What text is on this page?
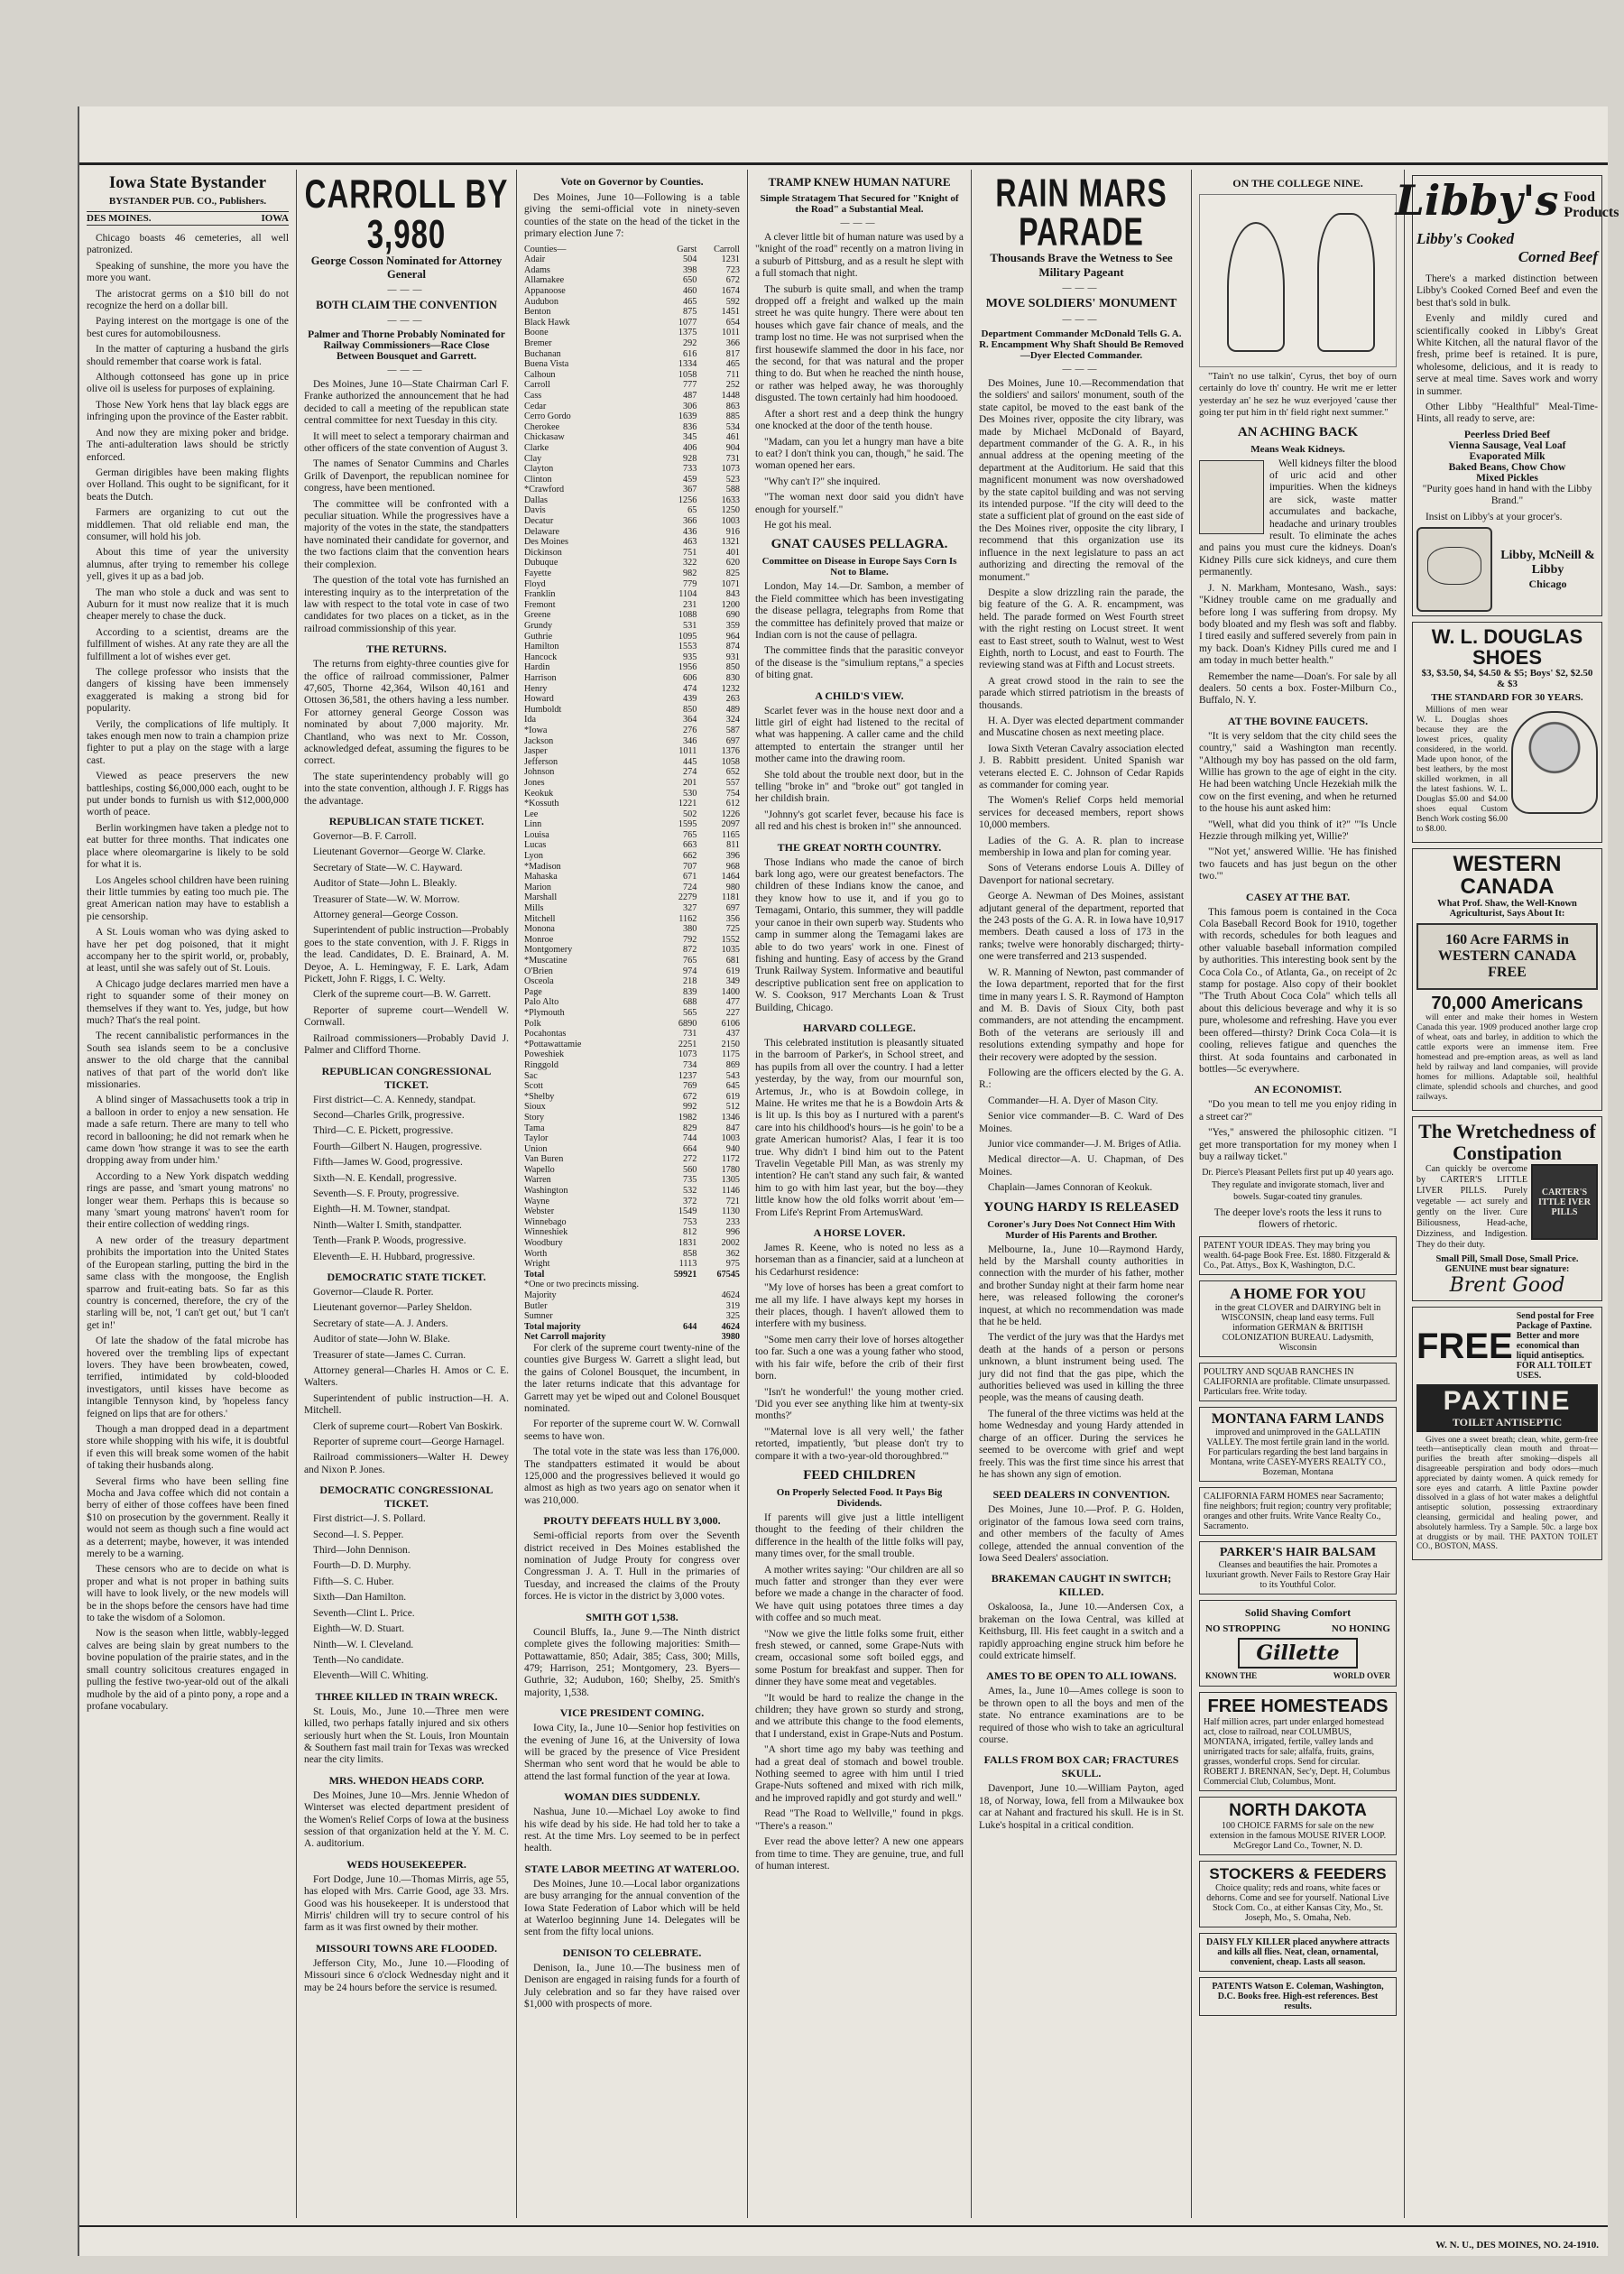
Iowa State Bystander
BYSTANDER PUB. CO., Publishers.
DES MOINES.	IOWA

Chicago boasts 46 cemeteries, all well patronized.

Speaking of sunshine, the more you have the more you want.

The aristocrat germs on a $10 bill do not recognize the herd on a dollar bill.

Paying interest on the mortgage is one of the best cures for automobilousness.

In the matter of capturing a husband the girls should remember that coarse work is fatal.

Although cottonseed has gone up in price olive oil is useless for purposes of explaining.

Those New York hens that lay black eggs are infringing upon the province of the Easter rabbit.

And now they are mixing poker and bridge. The anti-adulteration laws should be strictly enforced.

German dirigibles have been making flights over Holland. This ought to be significant, for it beats the Dutch.

Farmers are organizing to cut out the middlemen. That old reliable end man, the consumer, will hold his job.

About this time of year the university alumnus, after trying to remember his college yell, gives it up as a bad job.

The man who stole a duck and was sent to Auburn for it must now realize that it is much cheaper merely to chase the duck.

According to a scientist, dreams are the fulfillment of wishes. At any rate they are all the fulfillment a lot of wishes ever get.

The college professor who insists that the dangers of kissing have been immensely exaggerated is making a strong bid for popularity.

Verily, the complications of life multiply. It takes enough men now to train a champion prize fighter to put a play on the stage with a large cast.

Viewed as peace preservers the new battleships, costing $6,000,000 each, ought to be put under bonds to furnish us with $12,000,000 worth of peace.

Berlin workingmen have taken a pledge not to eat butter for three months. That indicates one place where oleomargarine is likely to be sold for what it is.

Los Angeles school children have been ruining their little tummies by eating too much pie. The great American nation may have to establish a pie censorship.

A St. Louis woman who was dying asked to have her pet dog poisoned, that it might accompany her to the spirit world, or, probably, at least, until she was safely out of St. Louis.

A Chicago judge declares married men have a right to squander some of their money on themselves if they want to. Yes, judge, but how much? That's the real point.

The recent cannibalistic performances in the South sea islands seem to be a conclusive answer to the old charge that the cannibal natives of that part of the world don't like missionaries.

A blind singer of Massachusetts took a trip in a balloon in order to enjoy a new sensation. He made a safe return. There are many to tell who record in ballooning; he did not remark when he came down 'how strange it was to see the earth dropping away from under him.'

According to a New York dispatch wedding rings are passe, and 'smart young matrons' no longer wear them. Perhaps this is because so many 'smart young matrons' haven't room for their entire collection of wedding rings.

A new order of the treasury department prohibits the importation into the United States of the European starling, putting the bird in the same class with the mongoose, the English sparrow and fruit-eating bats. So far as this country is concerned, therefore, the cry of the starling will be, not, 'I can't get out,' but 'I can't get in!'

Of late the shadow of the fatal microbe has hovered over the trembling lips of expectant lovers. They have been browbeaten, cowed, terrified, intimidated by cold-blooded investigators, until kisses have become as intangible Tennyson kind, by 'hopeless fancy feigned on lips that are for others.'

Though a man dropped dead in a department store while shopping with his wife, it is doubtful if even this will break some women of the habit of taking their husbands along.

Several firms who have been selling fine Mocha and Java coffee which did not contain a berry of either of those coffees have been fined $10 on prosecution by the government. Really it would not seem as though such a fine would act as a deterrent; maybe, however, it was intended merely to be a warning.

These censors who are to decide on what is proper and what is not proper in bathing suits will have to look lively, or the new models will be in the shops before the censors have had time to take the wisdom of a Solomon.

Now is the season when little, wabbly-legged calves are being slain by great numbers to the bovine population of the prairie states, and in the small country solicitous creatures engaged in pulling the festive two-year-old out of the alkali mudhole by the aid of a pinto pony, a rope and a profane vocabulary.

CARROLL BY 3,980
George Cosson Nominated for Attorney General
———
BOTH CLAIM THE CONVENTION
———
Palmer and Thorne Probably Nominated for Railway Commissioners—Race Close Between Bousquet and Garrett.
———

Des Moines, June 10—State Chairman Carl F. Franke authorized the announcement that he had decided to call a meeting of the republican state central committee for next Tuesday in this city.

It will meet to select a temporary chairman and other officers of the state convention of August 3.

The names of Senator Cummins and Charles Grilk of Davenport, the republican nominee for congress, have been mentioned.

The committee will be confronted with a peculiar situation. While the progressives have a majority of the votes in the state, the standpatters have nominated their candidate for governor, and the two factions claim that the convention hears their complexion.

The question of the total vote has furnished an interesting inquiry as to the interpretation of the law with respect to the total vote in case of two candidates for two places on a ticket, as in the railroad commissionship of this year.

THE RETURNS.

The returns from eighty-three counties give for the office of railroad commissioner, Palmer 47,605, Thorne 42,364, Wilson 40,161 and Ottosen 36,581, the others having a less number. For attorney general George Cosson was nominated by about 7,000 majority. Mr. Chantland, who was next to Mr. Cosson, acknowledged defeat, assuming the figures to be correct.

The state superintendency probably will go into the state convention, although J. F. Riggs has the advantage.

REPUBLICAN STATE TICKET.

Governor—B. F. Carroll.

Lieutenant Governor—George W. Clarke.

Secretary of State—W. C. Hayward.

Auditor of State—John L. Bleakly.

Treasurer of State—W. W. Morrow.

Attorney general—George Cosson.

Superintendent of public instruction—Probably goes to the state convention, with J. F. Riggs in the lead. Candidates, D. E. Brainard, A. M. Deyoe, A. L. Hemingway, F. E. Lark, Adam Pickett, John F. Riggs, I. C. Welty.

Clerk of the supreme court—B. W. Garrett.

Reporter of supreme court—Wendell W. Cornwall.

Railroad commissioners—Probably David J. Palmer and Clifford Thorne.

REPUBLICAN CONGRESSIONAL TICKET.

First district—C. A. Kennedy, standpat.

Second—Charles Grilk, progressive.

Third—C. E. Pickett, progressive.

Fourth—Gilbert N. Haugen, progressive.

Fifth—James W. Good, progressive.

Sixth—N. E. Kendall, progressive.

Seventh—S. F. Prouty, progressive.

Eighth—H. M. Towner, standpat.

Ninth—Walter I. Smith, standpatter.

Tenth—Frank P. Woods, progressive.

Eleventh—E. H. Hubbard, progressive.

DEMOCRATIC STATE TICKET.

Governor—Claude R. Porter.

Lieutenant governor—Parley Sheldon.

Secretary of state—A. J. Anders.

Auditor of state—John W. Blake.

Treasurer of state—James C. Curran.

Attorney general—Charles H. Amos or C. E. Walters.

Superintendent of public instruction—H. A. Mitchell.

Clerk of supreme court—Robert Van Boskirk.

Reporter of supreme court—George Harnagel.

Railroad commissioners—Walter H. Dewey and Nixon P. Jones.

DEMOCRATIC CONGRESSIONAL TICKET.

First district—J. S. Pollard.

Second—I. S. Pepper.

Third—John Dennison.

Fourth—D. D. Murphy.

Fifth—S. C. Huber.

Sixth—Dan Hamilton.

Seventh—Clint L. Price.

Eighth—W. D. Stuart.

Ninth—W. I. Cleveland.

Tenth—No candidate.

Eleventh—Will C. Whiting.

THREE KILLED IN TRAIN WRECK.

St. Louis, Mo., June 10.—Three men were killed, two perhaps fatally injured and six others seriously hurt when the St. Louis, Iron Mountain & Southern fast mail train for Texas was wrecked near the city limits.

MRS. WHEDON HEADS CORP.

Des Moines, June 10—Mrs. Jennie Whedon of Winterset was elected department president of the Women's Relief Corps of Iowa at the business session of that organization held at the Y. M. C. A. auditorium.

WEDS HOUSEKEEPER.

Fort Dodge, June 10.—Thomas Mirris, age 55, has eloped with Mrs. Carrie Good, age 33. Mrs. Good was his housekeeper. It is understood that Mirris' children will try to secure control of his farm as it was first owned by their mother.

MISSOURI TOWNS ARE FLOODED.

Jefferson City, Mo., June 10.—Flooding of Missouri since 6 o'clock Wednesday night and it may be 24 hours before the service is resumed.

Vote on Governor by Counties.

Des Moines, June 10—Following is a table giving the semi-official vote in ninety-seven counties of the state on the head of the ticket in the primary election June 7:

Counties—	Garst	Carroll
Adair	504	1231
Adams	398	723
Allamakee	650	672
Appanoose	460	1674
Audubon	465	592
Benton	875	1451
Black Hawk	1077	654
Boone	1375	1011
Bremer	292	366
Buchanan	616	817
Buena Vista	1334	465
Calhoun	1058	711
Carroll	777	252
Cass	487	1448
Cedar	306	863
Cerro Gordo	1639	885
Cherokee	836	534
Chickasaw	345	461
Clarke	406	904
Clay	928	731
Clayton	733	1073
Clinton	459	523
*Crawford	367	588
Dallas	1256	1633
Davis	65	1250
Decatur	366	1003
Delaware	436	916
Des Moines	463	1321
Dickinson	751	401
Dubuque	322	620
Fayette	982	825
Floyd	779	1071
Franklin	1104	843
Fremont	231	1200
Greene	1088	690
Grundy	531	359
Guthrie	1095	964
Hamilton	1553	874
Hancock	935	931
Hardin	1956	850
Harrison	606	830
Henry	474	1232
Howard	439	263
Humboldt	850	489
Ida	364	324
*Iowa	276	587
Jackson	346	697
Jasper	1011	1376
Jefferson	445	1058
Johnson	274	652
Jones	201	557
Keokuk	530	754
*Kossuth	1221	612
Lee	502	1226
Linn	1595	2097
Louisa	765	1165
Lucas	663	811
Lyon	662	396
*Madison	707	968
Mahaska	671	1464
Marion	724	980
Marshall	2279	1181
Mills	327	697
Mitchell	1162	356
Monona	380	725
Monroe	792	1552
Montgomery	872	1035
*Muscatine	765	681
O'Brien	974	619
Osceola	218	349
Page	839	1400
Palo Alto	688	477
*Plymouth	565	227
Polk	6890	6106
Pocahontas	731	437
*Pottawattamie	2251	2150
Poweshiek	1073	1175
Ringgold	734	869
Sac	1237	543
Scott	769	645
*Shelby	672	619
Sioux	992	512
Story	1982	1346
Tama	829	847
Taylor	744	1003
Union	664	940
Van Buren	272	1172
Wapello	560	1780
Warren	735	1305
Washington	532	1146
Wayne	372	721
Webster	1549	1130
Winnebago	753	233
Winneshiek	812	996
Woodbury	1831	2002
Worth	858	362
Wright	1113	975
Total	59921	67545
*One or two precincts missing.		
Majority		4624
Butler		319
Sumner		325
Total majority	644	4624
Net Carroll majority		3980

For clerk of the supreme court twenty-nine of the counties give Burgess W. Garrett a slight lead, but the gains of Colonel Bousquet, the incumbent, in the later returns indicate that this advantage for Garrett may yet be wiped out and Colonel Bousquet nominated.

For reporter of the supreme court W. W. Cornwall seems to have won.

The total vote in the state was less than 176,000. The standpatters estimated it would be about 125,000 and the progressives believed it would go almost as high as two years ago on senator when it was 210,000.

PROUTY DEFEATS HULL BY 3,000.

Semi-official reports from over the Seventh district received in Des Moines established the nomination of Judge Prouty for congress over Congressman J. A. T. Hull in the primaries of Tuesday, and increased the claims of the Prouty forces. He is victor in the district by 3,000 votes.

SMITH GOT 1,538.

Council Bluffs, Ia., June 9.—The Ninth district complete gives the following majorities: Smith—Pottawattamie, 850; Adair, 385; Cass, 300; Mills, 479; Harrison, 251; Montgomery, 23. Byers—Guthrie, 32; Audubon, 160; Shelby, 25. Smith's majority, 1,538.

VICE PRESIDENT COMING.

Iowa City, Ia., June 10—Senior hop festivities on the evening of June 16, at the University of Iowa will be graced by the presence of Vice President Sherman who sent word that he would be able to attend the last formal function of the year at Iowa.

WOMAN DIES SUDDENLY.

Nashua, June 10.—Michael Loy awoke to find his wife dead by his side. He had told her to take a rest. At the time Mrs. Loy seemed to be in perfect health.

STATE LABOR MEETING AT WATERLOO.

Des Moines, June 10.—Local labor organizations are busy arranging for the annual convention of the Iowa State Federation of Labor which will be held at Waterloo beginning June 14. Delegates will be sent from the fifty local unions.

DENISON TO CELEBRATE.

Denison, Ia., June 10.—The business men of Denison are engaged in raising funds for a fourth of July celebration and so far they have raised over $1,000 with prospects of more.

TRAMP KNEW HUMAN NATURE
Simple Stratagem That Secured for "Knight of the Road" a Substantial Meal.
———

A clever little bit of human nature was used by a "knight of the road" recently on a matron living in a suburb of Pittsburg, and as a result he slept with a full stomach that night.

The suburb is quite small, and when the tramp dropped off a freight and walked up the main street he was quite hungry. There were about ten houses which gave fair chance of meals, and the tramp lost no time. He was not surprised when the first housewife slammed the door in his face, nor the second, for that was natural and the proper thing to do. But when he reached the ninth house, or rather was helped away, he was thoroughly disgusted. The town certainly had him hoodooed.

After a short rest and a deep think the hungry one knocked at the door of the tenth house.

"Madam, can you let a hungry man have a bite to eat? I don't think you can, though," he said. The woman opened her ears.

"Why can't I?" she inquired.

"The woman next door said you didn't have enough for yourself."

He got his meal.

GNAT CAUSES PELLAGRA.
Committee on Disease in Europe Says Corn Is Not to Blame.

London, May 14.—Dr. Sambon, a member of the Field committee which has been investigating the disease pellagra, telegraphs from Rome that the committee has definitely proved that maize or Indian corn is not the cause of pellagra.

The committee finds that the parasitic conveyor of the disease is the "simulium reptans," a species of biting gnat.

A CHILD'S VIEW.

Scarlet fever was in the house next door and a little girl of eight had listened to the recital of what was happening. A caller came and the child attempted to entertain the stranger until her mother came into the drawing room.

She told about the trouble next door, but in the telling "broke in" and "broke out" got tangled in her childish brain.

"Johnny's got scarlet fever, because his face is all red and his chest is broken in!" she announced.

THE GREAT NORTH COUNTRY.

Those Indians who made the canoe of birch bark long ago, were our greatest benefactors. The children of these Indians know the canoe, and they know how to use it, and if you go to Temagami, Ontario, this summer, they will paddle your canoe in their own superb way. Students who camp in summer along the Temagami lakes are able to do two years' work in one. Finest of fishing and hunting. Easy of access by the Grand Trunk Railway System. Informative and beautiful descriptive publication sent free on application to W. S. Cookson, 917 Merchants Loan & Trust Building, Chicago.

HARVARD COLLEGE.

This celebrated institution is pleasantly situated in the barroom of Parker's, in School street, and has pupils from all over the country. I had a letter yesterday, by the way, from our mournful son, Artemus, Jr., who is at Bowdoin college, in Maine. He writes me that he is a Bowdoin Arts & is lit up. Is this boy as I nurtured with a parent's care into his childhood's hours—is he goin' to be a grate American humorist? Alas, I fear it is too true. Why didn't I bind him out to the Patent Travelin Vegetable Pill Man, as was strenly my intention? He can't stand any such fair, & wanted him to go with him last year, but the boy—they little know how the old folks worrit about 'em—From Life's Reprint From ArtemusWard.

A HORSE LOVER.

James R. Keene, who is noted no less as a horseman than as a financier, said at a luncheon at his Cedarhurst residence:

"My love of horses has been a great comfort to me all my life. I have always kept my horses in their places, though. I haven't allowed them to interfere with my business.

"Some men carry their love of horses altogether too far. Such a one was a young father who stood, with his fair wife, before the crib of their first born.

"Isn't he wonderful!' the young mother cried. 'Did you ever see anything like him at twenty-six months?'

"'Maternal love is all very well,' the father retorted, impatiently, 'but please don't try to compare it with a two-year-old thoroughbred.'"

FEED CHILDREN
On Properly Selected Food. It Pays Big Dividends.

If parents will give just a little intelligent thought to the feeding of their children the difference in the health of the little folks will pay, many times over, for the small trouble.

A mother writes saying: "Our children are all so much fatter and stronger than they ever were before we made a change in the character of food. We have quit using potatoes three times a day with coffee and so much meat.

"Now we give the little folks some fruit, either fresh stewed, or canned, some Grape-Nuts with cream, occasional some soft boiled eggs, and some Postum for breakfast and supper. Then for dinner they have some meat and vegetables.

"It would be hard to realize the change in the children; they have grown so sturdy and strong, and we attribute this change to the food elements, that I understand, exist in Grape-Nuts and Postum.

"A short time ago my baby was teething and had a great deal of stomach and bowel trouble. Nothing seemed to agree with him until I tried Grape-Nuts softened and mixed with rich milk, and he improved rapidly and got sturdy and well."

Read "The Road to Wellville," found in pkgs. "There's a reason."

Ever read the above letter? A new one appears from time to time. They are genuine, true, and full of human interest.

RAIN MARS PARADE
Thousands Brave the Wetness to See Military Pageant
———
MOVE SOLDIERS' MONUMENT
———
Department Commander McDonald Tells G. A. R. Encampment Why Shaft Should Be Removed—Dyer Elected Commander.
———

Des Moines, June 10.—Recommendation that the soldiers' and sailors' monument, south of the state capitol, be moved to the east bank of the Des Moines river, opposite the city library, was made by Michael McDonald of Bayard, department commander of the G. A. R., in his annual address at the opening meeting of the department at the Auditorium. He said that this magnificent monument was now overshadowed by the state capitol building and was not serving its intended purpose. "If the city will deed to the state a sufficient plat of ground on the east side of the Des Moines river, opposite the city library, I recommend that this organization use its influence in the next legislature to pass an act authorizing and directing the removal of the monument."

Despite a slow drizzling rain the parade, the big feature of the G. A. R. encampment, was held. The parade formed on West Fourth street with the right resting on Locust street. It went east to East street, south to Walnut, west to West Eighth, north to Locust, and east to Fourth. The reviewing stand was at Fifth and Locust streets.

A great crowd stood in the rain to see the parade which stirred patriotism in the breasts of thousands.

H. A. Dyer was elected department commander and Muscatine chosen as next meeting place.

Iowa Sixth Veteran Cavalry association elected J. B. Rabbitt president. United Spanish war veterans elected E. C. Johnson of Cedar Rapids as commander for coming year.

The Women's Relief Corps held memorial services for deceased members, report shows 10,000 members.

Ladies of the G. A. R. plan to increase membership in Iowa and plan for coming year.

Sons of Veterans endorse Louis A. Dilley of Davenport for national secretary.

George A. Newman of Des Moines, assistant adjutant general of the department, reported that the 243 posts of the G. A. R. in Iowa have 10,917 members. Death caused a loss of 173 in the ranks; twelve were honorably discharged; thirty-one were transferred and 213 suspended.

W. R. Manning of Newton, past commander of the Iowa department, reported that for the first time in many years I. S. R. Raymond of Hampton and M. B. Davis of Sioux City, both past commanders, are not attending the encampment. Both of the veterans are seriously ill and resolutions extending sympathy and hope for their recovery were adopted by the session.

Following are the officers elected by the G. A. R.:

Commander—H. A. Dyer of Mason City.

Senior vice commander—B. C. Ward of Des Moines.

Junior vice commander—J. M. Briges of Atlia.

Medical director—A. U. Chapman, of Des Moines.

Chaplain—James Connoran of Keokuk.

YOUNG HARDY IS RELEASED
Coroner's Jury Does Not Connect Him With Murder of His Parents and Brother.

Melbourne, Ia., June 10—Raymond Hardy, held by the Marshall county authorities in connection with the murder of his father, mother and brother Sunday night at their farm home near here, was released following the coroner's inquest, at which no recommendation was made that he be held.

The verdict of the jury was that the Hardys met death at the hands of a person or persons unknown, a blunt instrument being used. The jury did not find that the gas pipe, which the authorities believed was used in killing the three people, was the means of causing death.

The funeral of the three victims was held at the home Wednesday and young Hardy attended in charge of an officer. During the services he seemed to be overcome with grief and wept freely. This was the first time since his arrest that he has shown any sign of emotion.

SEED DEALERS IN CONVENTION.

Des Moines, June 10.—Prof. P. G. Holden, originator of the famous Iowa seed corn trains, and other members of the faculty of Ames college, attended the annual convention of the Iowa Seed Dealers' association.

BRAKEMAN CAUGHT IN SWITCH; KILLED.

Oskaloosa, Ia., June 10.—Andersen Cox, a brakeman on the Iowa Central, was killed at Keithsburg, Ill. His feet caught in a switch and a rapidly approaching engine struck him before he could extricate himself.

AMES TO BE OPEN TO ALL IOWANS.

Ames, Ia., June 10—Ames college is soon to be thrown open to all the boys and men of the state. No entrance examinations are to be required of those who wish to take an agricultural course.

FALLS FROM BOX CAR; FRACTURES SKULL.

Davenport, June 10.—William Payton, aged 18, of Norway, Iowa, fell from a Milwaukee box car at Nahant and fractured his skull. He is in St. Luke's hospital in a critical condition.

ON THE COLLEGE NINE.

"Tain't no use talkin', Cyrus, thet boy of ourn certainly do love th' country. He writ me er letter yesterday an' he sez he wuz everjoyed 'cause ther going ter put him in th' field right next summer."

AN ACHING BACK
Means Weak Kidneys.

Well kidneys filter the blood of uric acid and other impurities. When the kidneys are sick, waste matter accumulates and backache, headache and urinary troubles result. To eliminate the aches and pains you must cure the kidneys. Doan's Kidney Pills cure sick kidneys, and cure them permanently.

J. N. Markham, Montesano, Wash., says: "Kidney trouble came on me gradually and before long I was suffering from dropsy. My body bloated and my flesh was soft and flabby. I tired easily and suffered severely from pain in my back. Doan's Kidney Pills cured me and I am today in much better health."

Remember the name—Doan's. For sale by all dealers. 50 cents a box. Foster-Milburn Co., Buffalo, N. Y.

AT THE BOVINE FAUCETS.

"It is very seldom that the city child sees the country," said a Washington man recently. "Although my boy has passed on the old farm, Willie has grown to the age of eight in the city. He had been watching Uncle Hezekiah milk the cow on the first evening, and when he returned to the house his aunt asked him:

"Well, what did you think of it?" "'Is Uncle Hezzie through milking yet, Willie?'

"'Not yet,' answered Willie. 'He has finished two faucets and has just begun on the other two.'"

CASEY AT THE BAT.

This famous poem is contained in the Coca Cola Baseball Record Book for 1910, together with records, schedules for both leagues and other valuable baseball information compiled by authorities. This interesting book sent by the Coca Cola Co., of Atlanta, Ga., on receipt of 2c stamp for postage. Also copy of their booklet "The Truth About Coca Cola" which tells all about this delicious beverage and why it is so pure, wholesome and refreshing. Have you ever been offered—thirsty? Drink Coca Cola—it is cooling, relieves fatigue and quenches the thirst. At soda fountains and carbonated in bottles—5c everywhere.

AN ECONOMIST.

"Do you mean to tell me you enjoy riding in a street car?"

"Yes," answered the philosophic citizen. "I get more transportation for my money when I buy a railway ticket."

Dr. Pierce's Pleasant Pellets first put up 40 years ago. They regulate and invigorate stomach, liver and bowels. Sugar-coated tiny granules.

The deeper love's roots the less it runs to flowers of rhetoric.

PATENT YOUR IDEAS. They may bring you wealth. 64-page Book Free. Est. 1880. Fitzgerald & Co., Pat. Attys., Box K, Washington, D.C.
A HOME FOR YOU
in the great CLOVER and DAIRYING belt in WISCONSIN, cheap land easy terms. Full information GERMAN & BRITISH COLONIZATION BUREAU. Ladysmith, Wisconsin
POULTRY AND SQUAB RANCHES IN CALIFORNIA are profitable. Climate unsurpassed. Particulars free. Write today.
MONTANA FARM LANDS
improved and unimproved in the GALLATIN VALLEY. The most fertile grain land in the world. For particulars regarding the best land bargains in Montana, write CASEY-MYERS REALTY CO., Bozeman, Montana
CALIFORNIA FARM HOMES near Sacramento; fine neighbors; fruit region; country very profitable; oranges and other fruits. Write Vance Realty Co., Sacramento.
PARKER'S HAIR BALSAM
Cleanses and beautifies the hair. Promotes a luxuriant growth. Never Fails to Restore Gray Hair to its Youthful Color.
Solid Shaving Comfort
NO STROPPING	NO HONING
Gillette
KNOWN THE	WORLD OVER
FREE HOMESTEADS
Half million acres, part under enlarged homestead act, close to railroad, near COLUMBUS, MONTANA, irrigated, fertile, valley lands and unirrigated tracts for sale; alfalfa, fruits, grains, grasses, wonderful crops. Send for circular. ROBERT J. BRENNAN, Sec'y, Dept. H, Columbus Commercial Club, Columbus, Mont.
NORTH DAKOTA
100 CHOICE FARMS for sale on the new extension in the famous MOUSE RIVER LOOP. McGregor Land Co., Towner, N. D.
STOCKERS & FEEDERS
Choice quality; reds and roans, white faces or dehorns. Come and see for yourself. National Live Stock Com. Co., at either Kansas City, Mo., St. Joseph, Mo., S. Omaha, Neb.
DAISY FLY KILLER placed anywhere attracts and kills all flies. Neat, clean, ornamental, convenient, cheap. Lasts all season.
PATENTS Watson E. Coleman, Washington, D.C. Books free. High-est references. Best results.
Libby's Food
Products
Libby's Cooked
Corned Beef

There's a marked distinction between Libby's Cooked Corned Beef and even the best that's sold in bulk.

Evenly and mildly cured and scientifically cooked in Libby's Great White Kitchen, all the natural flavor of the fresh, prime beef is retained. It is pure, wholesome, delicious, and it is ready to serve at meal time. Saves work and worry in summer.

Other Libby "Healthful" Meal-Time-Hints, all ready to serve, are:

Peerless Dried Beef
Vienna Sausage, Veal Loaf
Evaporated Milk
Baked Beans, Chow Chow
Mixed Pickles

"Purity goes hand in hand with the Libby Brand."

Insist on Libby's at your grocer's.

Libby, McNeill & Libby
Chicago
W. L. DOUGLAS
SHOES
$3, $3.50, $4, $4.50 & $5; Boys' $2, $2.50 & $3
THE STANDARD FOR 30 YEARS.

Millions of men wear W. L. Douglas shoes because they are the lowest prices, quality considered, in the world. Made upon honor, of the best leathers, by the most skilled workmen, in all the latest fashions. W. L. Douglas $5.00 and $4.00 shoes equal Custom Bench Work costing $6.00 to $8.00.

WESTERN CANADA
What Prof. Shaw, the Well-Known Agriculturist, Says About It:
160 Acre FARMS in WESTERN CANADA FREE
70,000 Americans

will enter and make their homes in Western Canada this year. 1909 produced another large crop of wheat, oats and barley, in addition to which the cattle exports were an immense item. Free homestead and pre-emption areas, as well as land held by railway and land companies, will provide homes for millions. Adaptable soil, healthful climate, splendid schools and churches, and good railways.

The Wretchedness of Constipation

Can quickly be overcome by CARTER'S LITTLE LIVER PILLS. Purely vegetable — act surely and gently on the liver. Cure Biliousness, Head-ache, Dizziness, and Indigestion. They do their duty.

CARTER'S ITTLE IVER PILLS
Small Pill, Small Dose, Small Price.
GENUINE must bear signature:
Brent Good
FREE
Send postal for Free Package of Paxtine. Better and more economical than liquid antiseptics. FOR ALL TOILET USES.
PAXTINE
TOILET ANTISEPTIC

Gives one a sweet breath; clean, white, germ-free teeth—antiseptically clean mouth and throat—purifies the breath after smoking—dispels all disagreeable perspiration and body odors—much appreciated by dainty women. A quick remedy for sore eyes and catarrh. A little Paxtine powder dissolved in a glass of hot water makes a delightful antiseptic solution, possessing extraordinary cleansing, germicidal and healing power, and absolutely harmless. Try a Sample. 50c. a large box at druggists or by mail. THE PAXTON TOILET CO., BOSTON, MASS.

W. N. U., DES MOINES, NO. 24-1910.
